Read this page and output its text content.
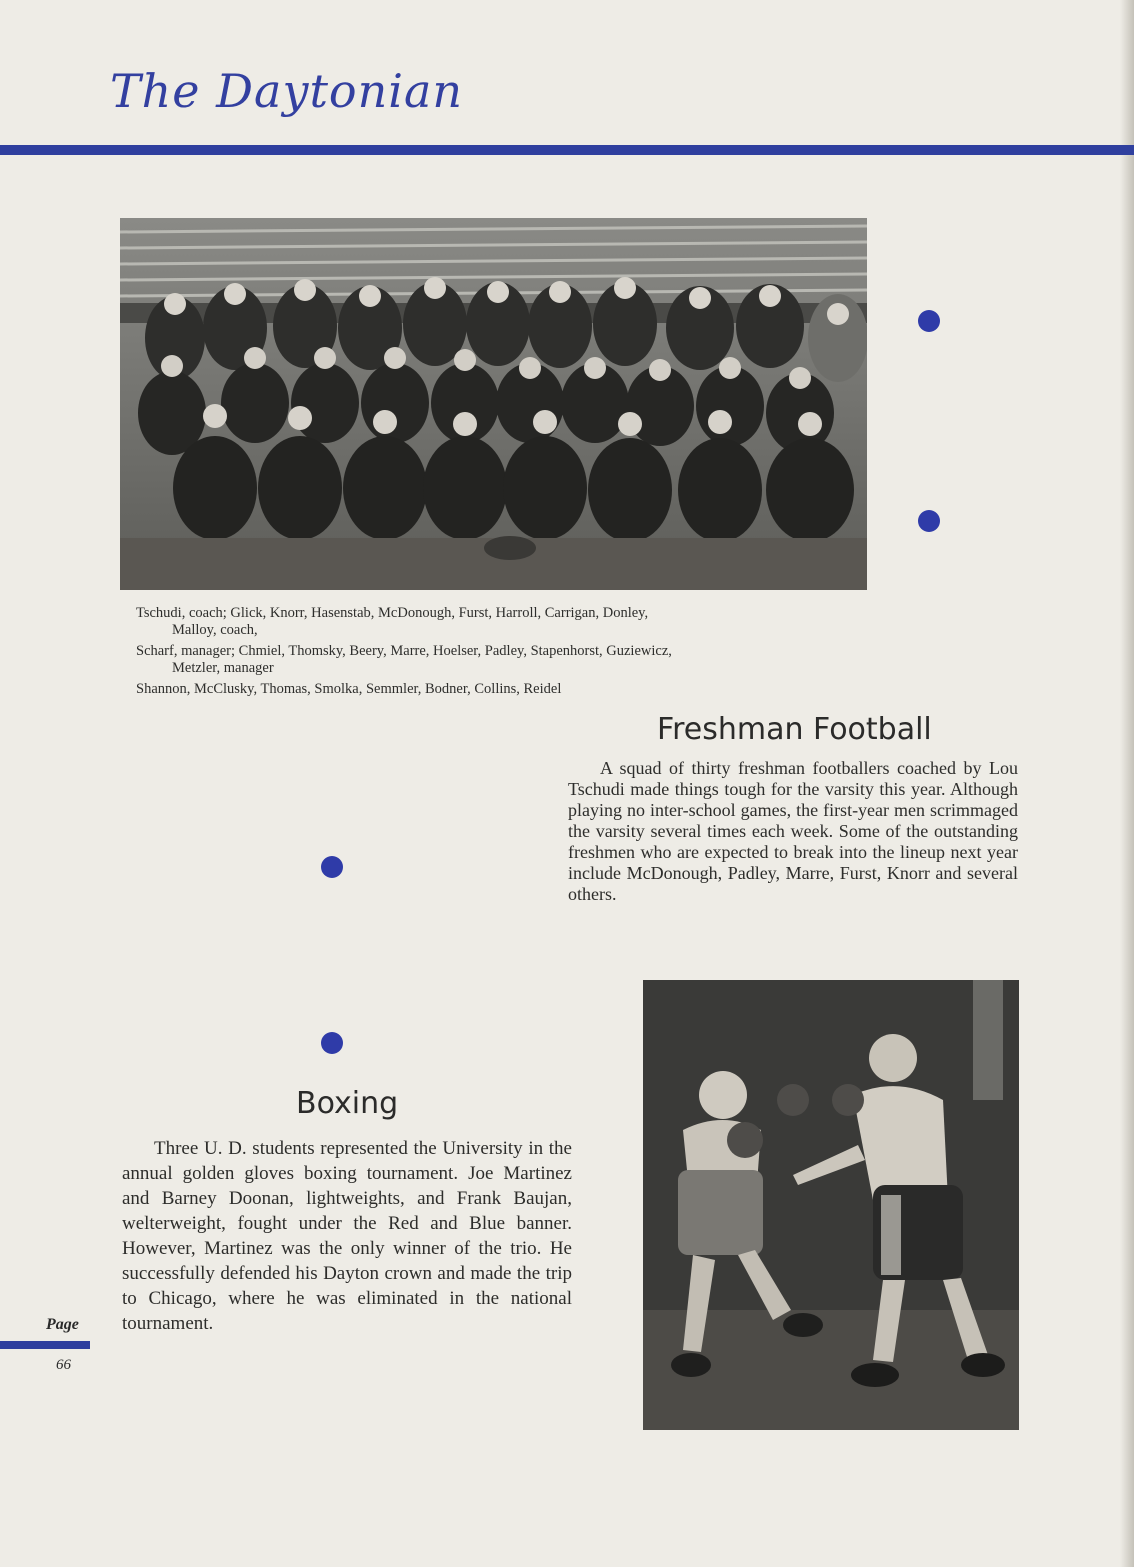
The Daytonian

Tschudi, coach; Glick, Knorr, Hasenstab, McDonough, Furst, Harroll, Carrigan, Donley,

Malloy, coach,

Scharf, manager; Chmiel, Thomsky, Beery, Marre, Hoelser, Padley, Stapenhorst, Guziewicz,

Metzler, manager

Shannon, McClusky, Thomas, Smolka, Semmler, Bodner, Collins, Reidel

Freshman Football

A squad of thirty freshman footballers coached by Lou Tschudi made things tough for the varsity this year. Although playing no inter-school games, the first-year men scrimmaged the varsity several times each week. Some of the outstanding freshmen who are expected to break into the lineup next year include McDonough, Padley, Marre, Furst, Knorr and several others.

Boxing

Three U. D. students represented the University in the annual golden gloves boxing tournament. Joe Martinez and Barney Doonan, lightweights, and Frank Baujan, welterweight, fought under the Red and Blue banner. However, Martinez was the only winner of the trio. He successfully defended his Dayton crown and made the trip to Chicago, where he was eliminated in the national tournament.

Page
66
